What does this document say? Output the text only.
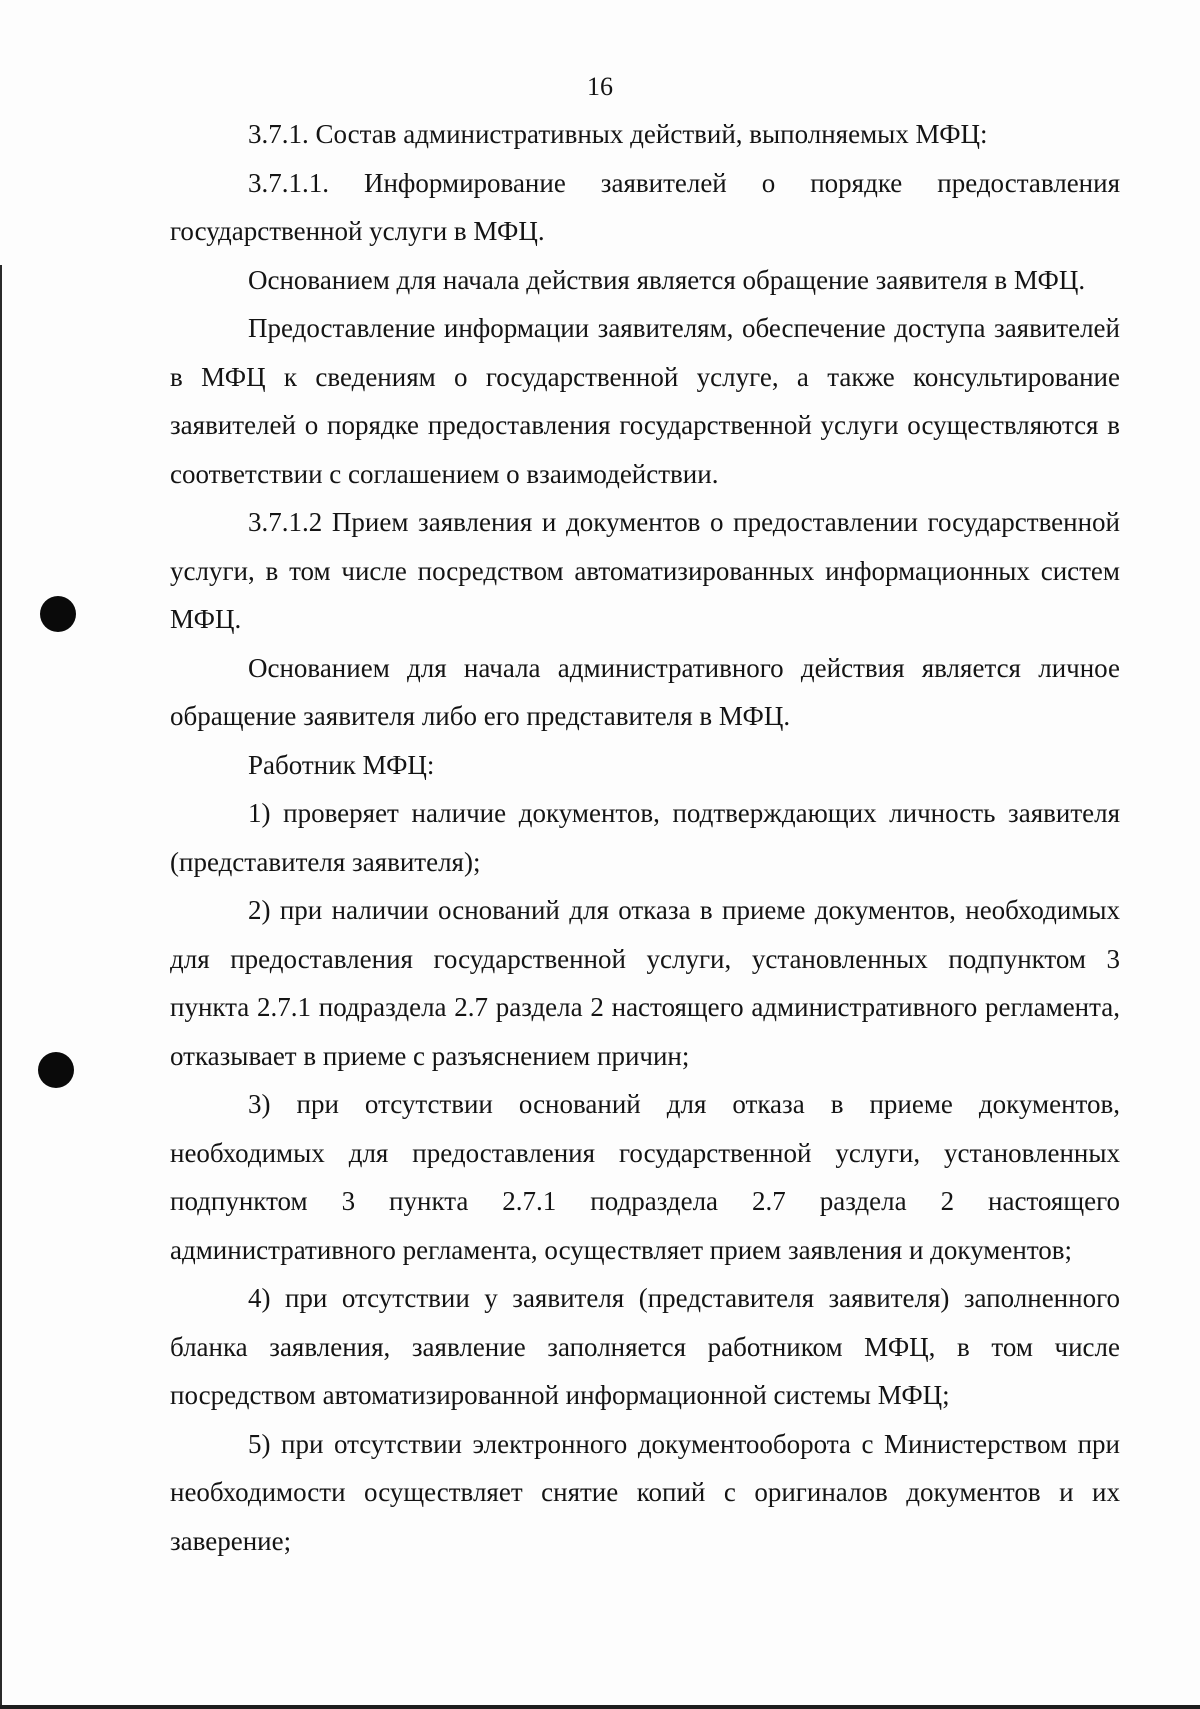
16

3.7.1. Состав административных действий, выполняемых МФЦ:

3.7.1.1. Информирование заявителей о порядке предоставления государственной услуги в МФЦ.

Основанием для начала действия является обращение заявителя в МФЦ.

Предоставление информации заявителям, обеспечение доступа заявителей в МФЦ к сведениям о государственной услуге, а также консультирование заявителей о порядке предоставления государственной услуги осуществляются в соответствии с соглашением о взаимодействии.

3.7.1.2 Прием заявления и документов о предоставлении государственной услуги, в том числе посредством автоматизированных информационных систем МФЦ.

Основанием для начала административного действия является личное обращение заявителя либо его представителя в МФЦ.

Работник МФЦ:

1) проверяет наличие документов, подтверждающих личность заявителя (представителя заявителя);

2) при наличии оснований для отказа в приеме документов, необходимых для предоставления государственной услуги, установленных подпунктом 3 пункта 2.7.1 подраздела 2.7 раздела 2 настоящего административного регламента, отказывает в приеме с разъяснением причин;

3) при отсутствии оснований для отказа в приеме документов, необходимых для предоставления государственной услуги, установленных подпунктом 3 пункта 2.7.1 подраздела 2.7 раздела 2 настоящего административного регламента, осуществляет прием заявления и документов;

4) при отсутствии у заявителя (представителя заявителя) заполненного бланка заявления, заявление заполняется работником МФЦ, в том числе посредством автоматизированной информационной системы МФЦ;

5) при отсутствии электронного документооборота с Министерством при необходимости осуществляет снятие копий с оригиналов документов и их заверение;
